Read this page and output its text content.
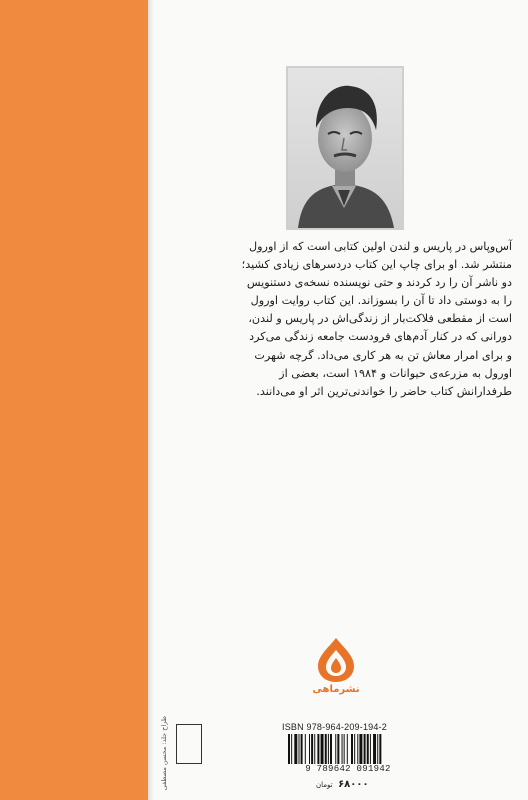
آس‌وپاس در پاریس و لندن اولین کتابی است که از اورول
منتشر شد. او برای چاپ این کتاب دردسرهای زیادی کشید؛
دو ناشر آن را رد کردند و حتی نویسنده نسخه‌ی دستنویس
را به دوستی داد تا آن را بسوزاند. این کتاب روایت اورول
است از مقطعی فلاکت‌بار از زندگی‌اش در پاریس و لندن،
دورانی که در کنار آدم‌های فرودست جامعه زندگی می‌کرد
و برای امرار معاش تن به هر کاری می‌داد. گرچه شهرت
اورول به مزرعه‌ی حیوانات و ۱۹۸۴ است، بعضی از
طرفدارانش کتاب حاضر را خواندنی‌ترین اثر او می‌دانند.
نشرماهی
طراح جلد: محسن مصطفی	ISBN 978-964-209-194-2
9 789642 091942
۶۸۰۰۰ تومان
